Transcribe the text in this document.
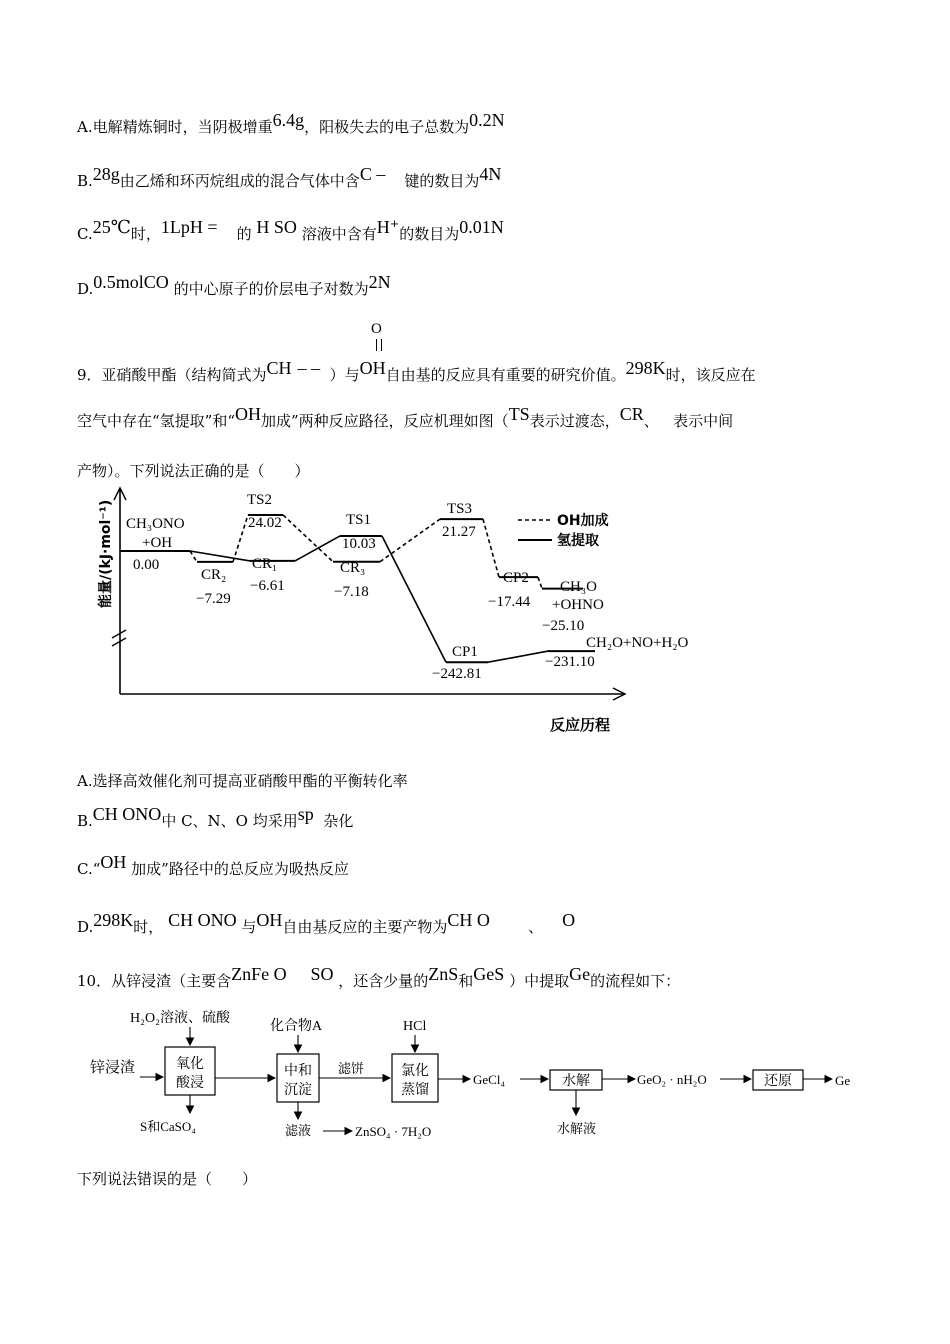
A.电解精炼铜时，当阴极增重6.4g，阳极失去的电子总数为0.2N
B.28g由乙烯和环丙烷组成的混合气体中含C – 键的数目为4N
C.25℃时，1LpH = 的 H SO 溶液中含有H⁺的数目为0.01N
D.0.5molCO 的中心原子的价层电子对数为2N
O
9．亚硝酸甲酯（结构简式为CH – – ）与OH自由基的反应具有重要的研究价值。298K时，该反应在
空气中存在“氢提取”和“OH加成”两种反应路径，反应机理如图（TS表示过渡态，CR、 表示中间
产物）。下列说法正确的是（　　）
能量/(kJ·mol⁻¹)
反应历程
CH₃ONO
+OH
0.00
CR₂
−7.29
TS2
24.02
CR₁
−6.61
TS1
10.03
CR₃
−7.18
TS3
21.27
CP2
−17.44
CH₃O
+OHNO
−25.10
CP1
−242.81
CH₂O+NO+H₂O
−231.10
OH加成
氢提取
A.选择高效催化剂可提高亚硝酸甲酯的平衡转化率
B.CH ONO中 C、N、O 均采用sp 杂化
C.“OH 加成”路径中的总反应为吸热反应
D.298K时， CH ONO 与OH自由基反应的主要产物为CH O	、 O
10．从锌浸渣（主要含ZnFe O SO ，还含少量的ZnS和GeS ）中提取Ge的流程如下：
H₂O₂溶液、硫酸
化合物A	HCl
锌浸渣	氧化
酸浸
中和
沉淀
氯化
蒸馏
水解	还原
滤饼
GeCl₄	GeO₂ · nH₂O	Ge
S和CaSO₄	滤液	ZnSO₄ · 7H₂O	水解液
下列说法错误的是（　　）
